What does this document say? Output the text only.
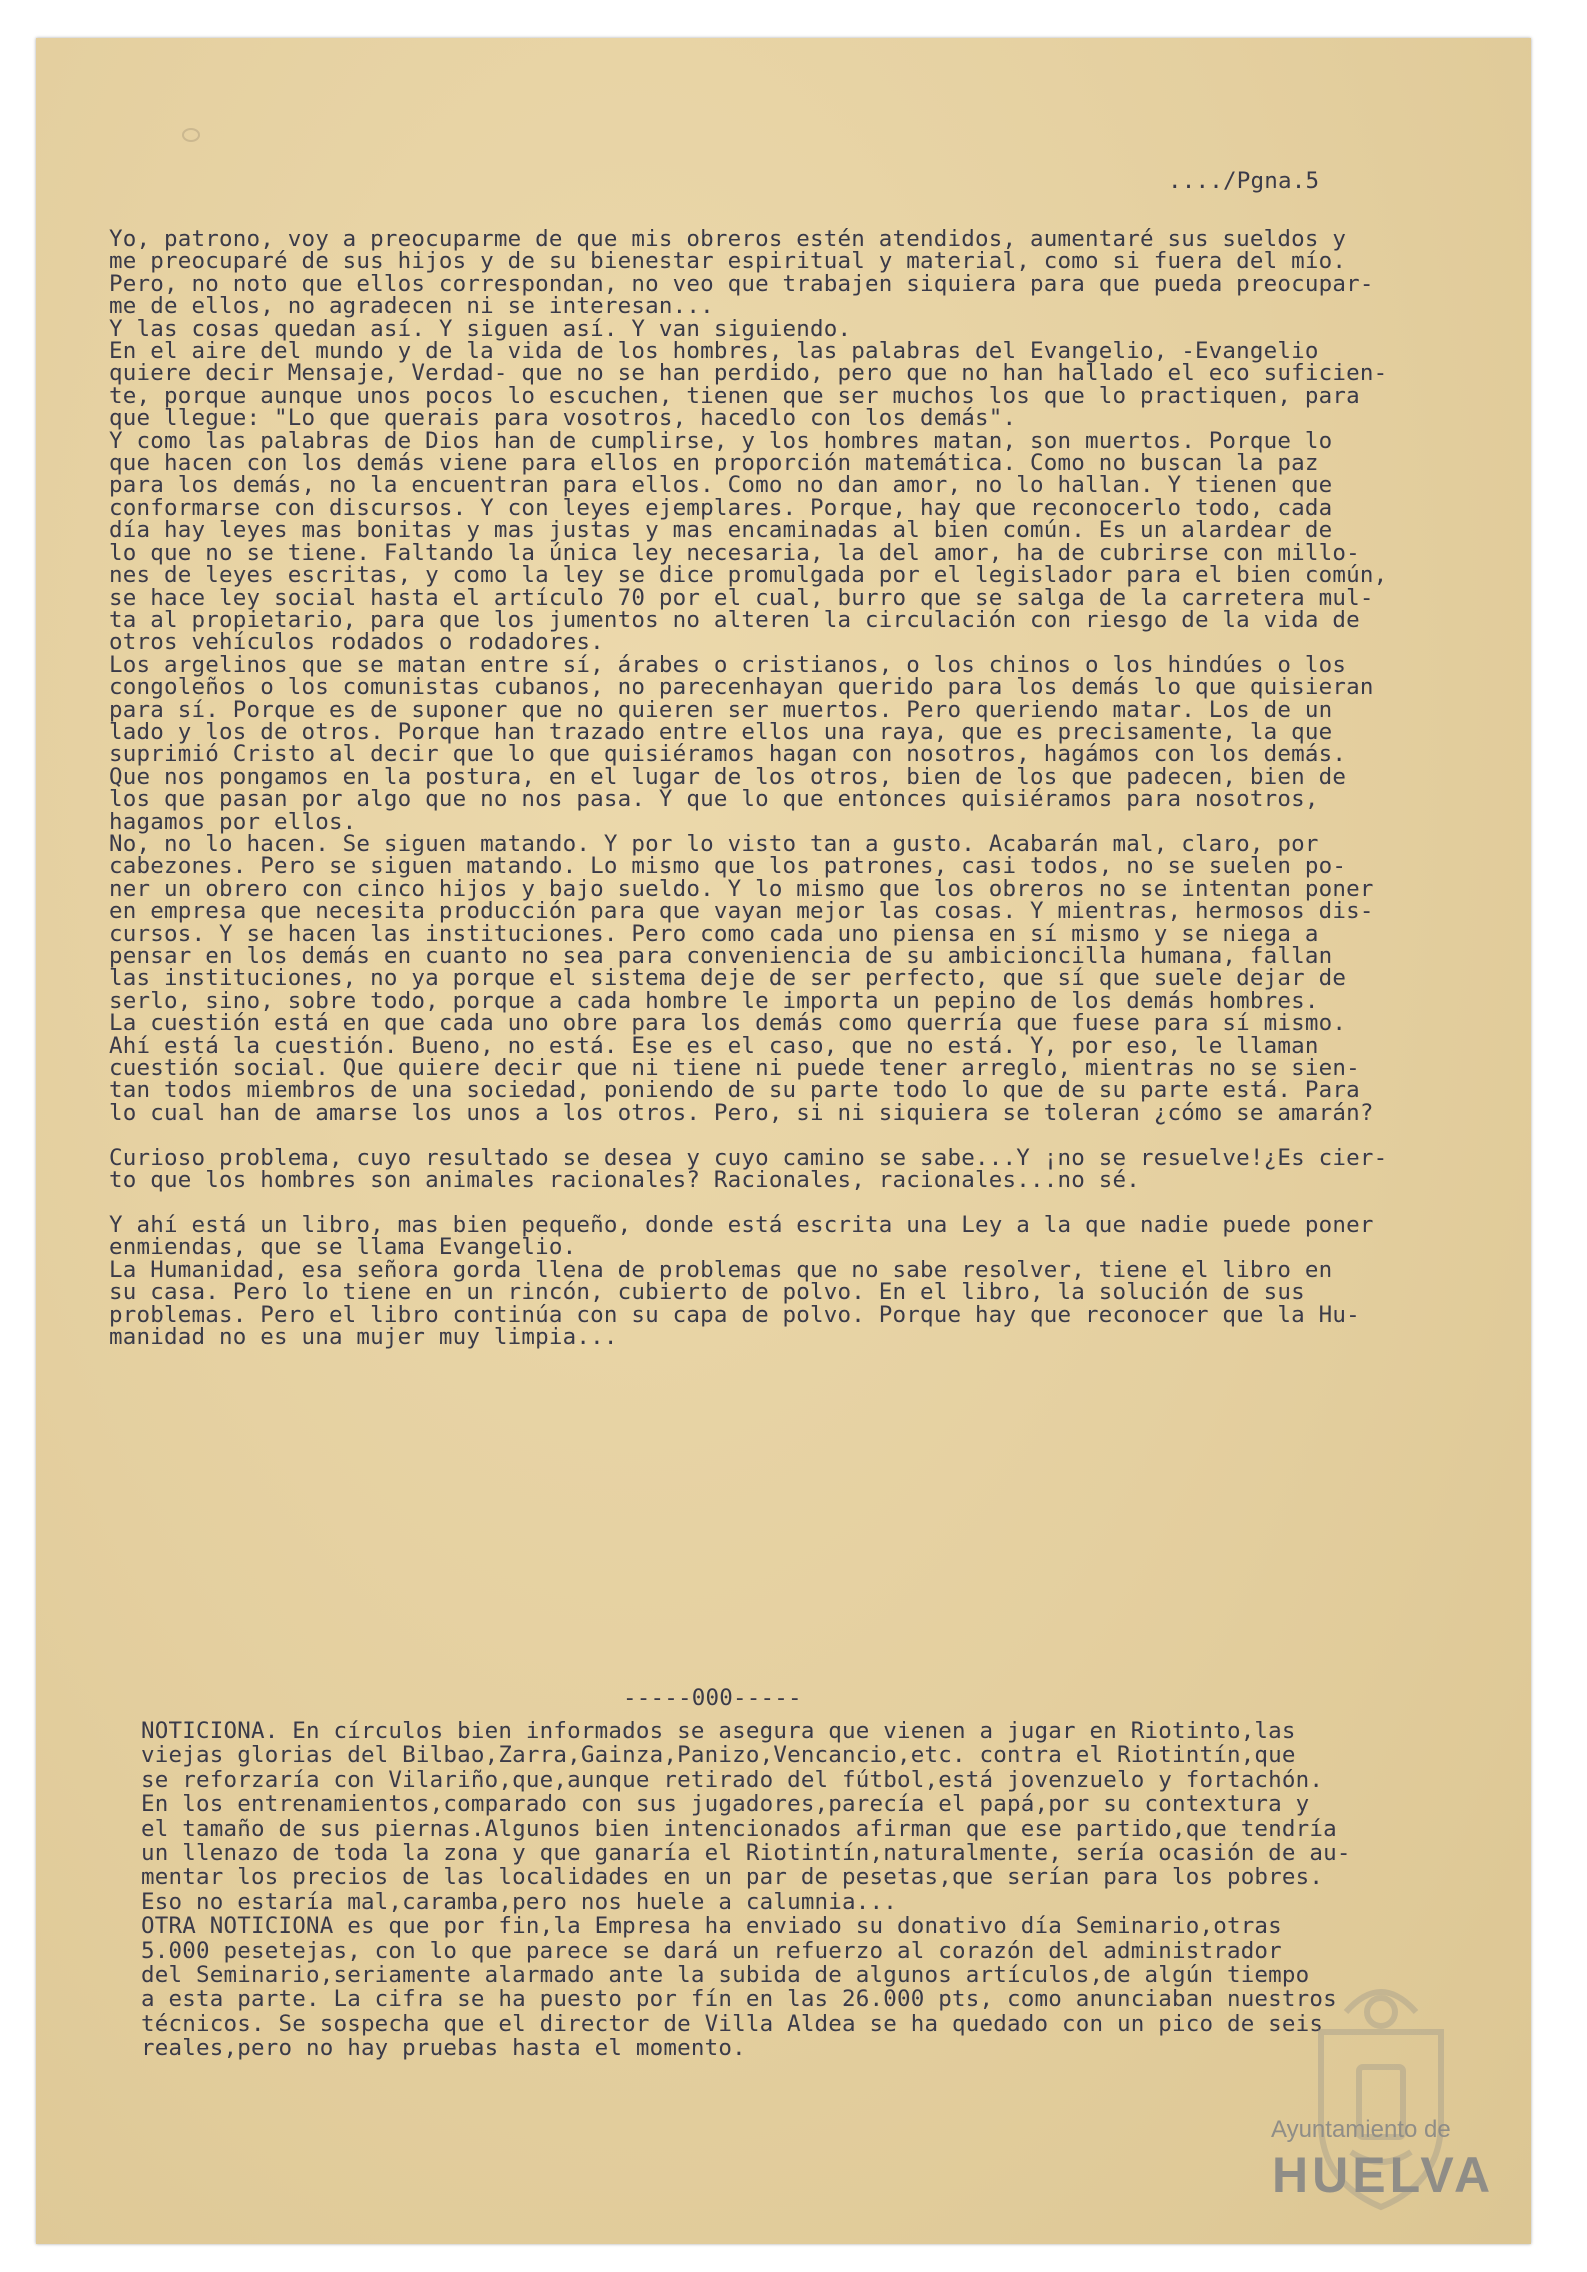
..../Pgna.5

Yo, patrono, voy a preocuparme de que mis obreros estén atendidos, aumentaré sus sueldos y
me preocuparé de sus hijos y de su bienestar espiritual y material, como si fuera del mío.
Pero, no noto que ellos correspondan, no veo que trabajen siquiera para que pueda preocupar-
me de ellos, no agradecen ni se interesan...
Y las cosas quedan así. Y siguen así. Y van siguiendo.
En el aire del mundo y de la vida de los hombres, las palabras del Evangelio, -Evangelio
quiere decir Mensaje, Verdad- que no se han perdido, pero que no han hallado el eco suficien-
te, porque aunque unos pocos lo escuchen, tienen que ser muchos los que lo practiquen, para
que llegue: "Lo que querais para vosotros, hacedlo con los demás".
Y como las palabras de Dios han de cumplirse, y los hombres matan, son muertos. Porque lo
que hacen con los demás viene para ellos en proporción matemática. Como no buscan la paz
para los demás, no la encuentran para ellos. Como no dan amor, no lo hallan. Y tienen que
conformarse con discursos. Y con leyes ejemplares. Porque, hay que reconocerlo todo, cada
día hay leyes mas bonitas y mas justas y mas encaminadas al bien común. Es un alardear de
lo que no se tiene. Faltando la única ley necesaria, la del amor, ha de cubrirse con millo-
nes de leyes escritas, y como la ley se dice promulgada por el legislador para el bien común,
se hace ley social hasta el artículo 70 por el cual, burro que se salga de la carretera mul-
ta al propietario, para que los jumentos no alteren la circulación con riesgo de la vida de
otros vehículos rodados o rodadores.
Los argelinos que se matan entre sí, árabes o cristianos, o los chinos o los hindúes o los
congoleños o los comunistas cubanos, no parecenhayan querido para los demás lo que quisieran
para sí. Porque es de suponer que no quieren ser muertos. Pero queriendo matar. Los de un
lado y los de otros. Porque han trazado entre ellos una raya, que es precisamente, la que
suprimió Cristo al decir que lo que quisiéramos hagan con nosotros, hagámos con los demás.
Que nos pongamos en la postura, en el lugar de los otros, bien de los que padecen, bien de
los que pasan por algo que no nos pasa. Y que lo que entonces quisiéramos para nosotros,
hagamos por ellos.
No, no lo hacen. Se siguen matando. Y por lo visto tan a gusto. Acabarán mal, claro, por
cabezones. Pero se siguen matando. Lo mismo que los patrones, casi todos, no se suelen po-
ner un obrero con cinco hijos y bajo sueldo. Y lo mismo que los obreros no se intentan poner
en empresa que necesita producción para que vayan mejor las cosas. Y mientras, hermosos dis-
cursos. Y se hacen las instituciones. Pero como cada uno piensa en sí mismo y se niega a
pensar en los demás en cuanto no sea para conveniencia de su ambicioncilla humana, fallan
las instituciones, no ya porque el sistema deje de ser perfecto, que sí que suele dejar de
serlo, sino, sobre todo, porque a cada hombre le importa un pepino de los demás hombres.
La cuestión está en que cada uno obre para los demás como querría que fuese para sí mismo.
Ahí está la cuestión. Bueno, no está. Ese es el caso, que no está. Y, por eso, le llaman
cuestión social. Que quiere decir que ni tiene ni puede tener arreglo, mientras no se sien-
tan todos miembros de una sociedad, poniendo de su parte todo lo que de su parte está. Para
lo cual han de amarse los unos a los otros. Pero, si ni siquiera se toleran ¿cómo se amarán?

Curioso problema, cuyo resultado se desea y cuyo camino se sabe...Y ¡no se resuelve!¿Es cier-
to que los hombres son animales racionales? Racionales, racionales...no sé.

Y ahí está un libro, mas bien pequeño, donde está escrita una Ley a la que nadie puede poner
enmiendas, que se llama Evangelio.
La Humanidad, esa señora gorda llena de problemas que no sabe resolver, tiene el libro en
su casa. Pero lo tiene en un rincón, cubierto de polvo. En el libro, la solución de sus
problemas. Pero el libro continúa con su capa de polvo. Porque hay que reconocer que la Hu-
manidad no es una mujer muy limpia...

-----000-----

NOTICIONA. En círculos bien informados se asegura que vienen a jugar en Riotinto,las
viejas glorias del Bilbao,Zarra,Gainza,Panizo,Vencancio,etc. contra el Riotintín,que
se reforzaría con Vilariño,que,aunque retirado del fútbol,está jovenzuelo y fortachón.
En los entrenamientos,comparado con sus jugadores,parecía el papá,por su contextura y
el tamaño de sus piernas.Algunos bien intencionados afirman que ese partido,que tendría
un llenazo de toda la zona y que ganaría el Riotintín,naturalmente, sería ocasión de au-
mentar los precios de las localidades en un par de pesetas,que serían para los pobres.
Eso no estaría mal,caramba,pero nos huele a calumnia...
OTRA NOTICIONA es que por fin,la Empresa ha enviado su donativo día Seminario,otras
5.000 pesetejas, con lo que parece se dará un refuerzo al corazón del administrador
del Seminario,seriamente alarmado ante la subida de algunos artículos,de algún tiempo
a esta parte. La cifra se ha puesto por fín en las 26.000 pts, como anunciaban nuestros
técnicos. Se sospecha que el director de Villa Aldea se ha quedado con un pico de seis
reales,pero no hay pruebas hasta el momento.

Ayuntamiento de
HUELVA
